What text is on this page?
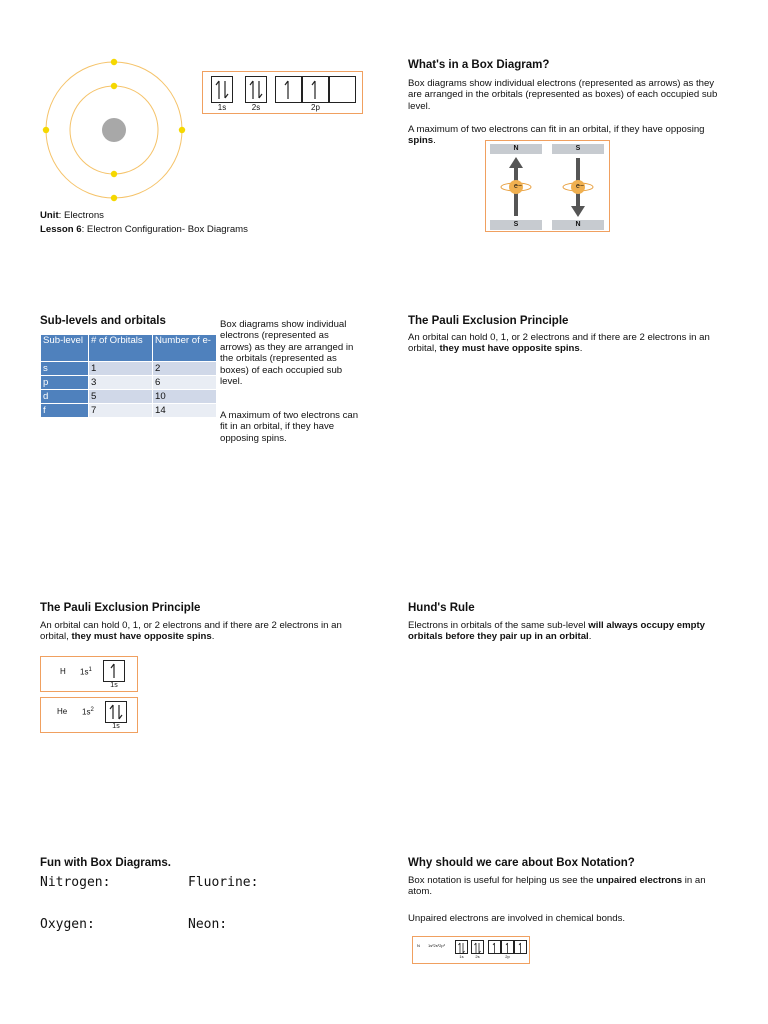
1s	2s	2p
Unit: Electrons
Lesson 6: Electron Configuration- Box Diagrams
What's in a Box Diagram?
Box diagrams show individual electrons (represented as arrows) as they are arranged in the orbitals (represented as boxes) of each occupied sub level.
A maximum of two electrons can fit in an orbital, if they have opposing spins.
N
S
e−
S
N
e−
Sub-levels and orbitals
Sub-level	# of Orbitals	Number of e-
s	1	2
p	3	6
d	5	10
f	7	14
Box diagrams show individual electrons (represented as arrows) as they are arranged in the orbitals (represented as boxes) of each occupied sub level.
A maximum of two electrons can fit in an orbital, if they have opposing spins.
The Pauli Exclusion Principle
An orbital can hold 0, 1, or 2 electrons and if there are 2 electrons in an orbital, they must have opposite spins.
The Pauli Exclusion Principle
An orbital can hold 0, 1, or 2 electrons and if there are 2 electrons in an orbital, they must have opposite spins.
H $1s^1$
1s
He $1s^2$
1s
Hund's Rule
Electrons in orbitals of the same sub-level will always occupy empty orbitals before they pair up in an orbital.
Fun with Box Diagrams.
Nitrogen:	Fluorine:
Oxygen:	Neon:
Why should we care about Box Notation?
Box notation is useful for helping us see the unpaired electrons in an atom.
Unpaired electrons are involved in chemical bonds.
N 1s²2s²2p³
1s	2s	2p
